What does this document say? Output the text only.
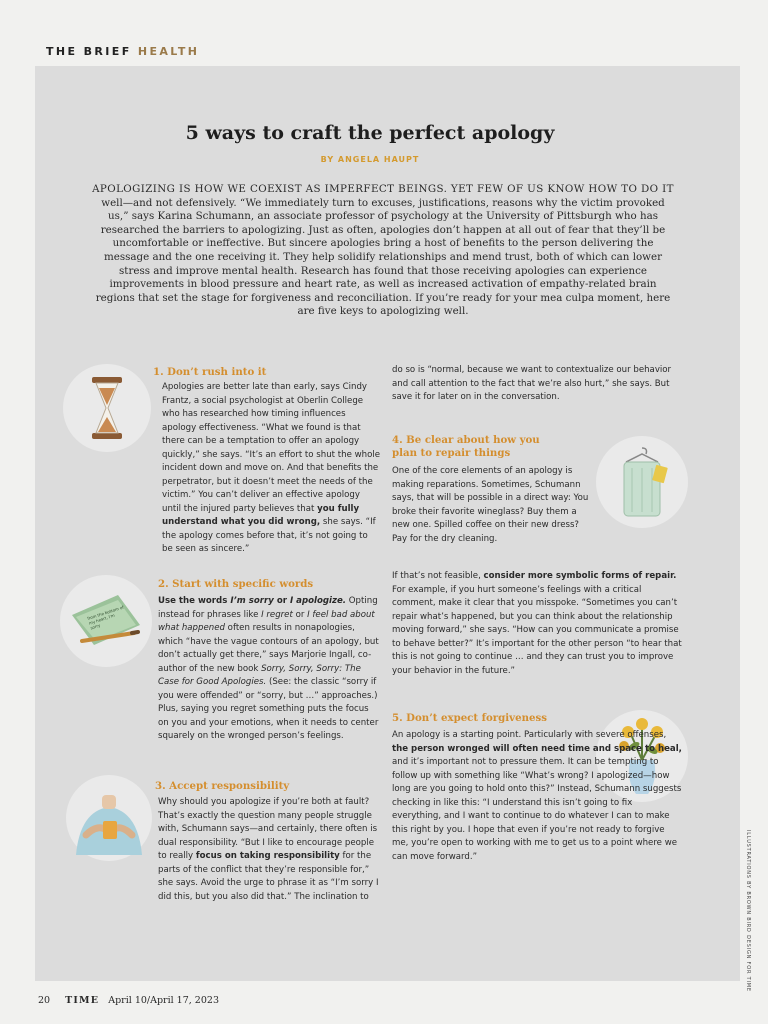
THE BRIEF HEALTH
5 ways to craft the perfect apology
BY ANGELA HAUPT

APOLOGIZING IS HOW WE COEXIST AS IMPERFECT BEINGS. YET FEW OF US KNOW HOW TO DO IT well—and not defensively. “We immediately turn to excuses, justifications, reasons why the victim provoked us,” says Karina Schumann, an associate professor of psychology at the University of Pittsburgh who has researched the barriers to apologizing. Just as often, apologies don’t happen at all out of fear that they’ll be uncomfortable or ineffective. But sincere apologies bring a host of benefits to the person delivering the message and the one receiving it. They help solidify relationships and mend trust, both of which can lower stress and improve mental health. Research has found that those receiving apologies can experience improvements in blood pressure and heart rate, as well as increased activation of empathy-related brain regions that set the stage for forgiveness and reconciliation. If you’re ready for your mea culpa moment, here are five keys to apologizing well.

from the bottom of my heart, I'm sorry
1. Don’t rush into it

Apologies are better late than early, says Cindy Frantz, a social psychologist at Oberlin College who has researched how timing influences apology effectiveness. “What we found is that there can be a temptation to offer an apology quickly,” she says. “It’s an effort to shut the whole incident down and move on. And that benefits the perpetrator, but it doesn’t meet the needs of the victim.” You can’t deliver an effective apology until the injured party believes that you fully understand what you did wrong, she says. “If the apology comes before that, it’s not going to be seen as sincere.”

2. Start with specific words

Use the words I’m sorry or I apologize. Opting instead for phrases like I regret or I feel bad about what happened often results in nonapologies, which “have the vague contours of an apology, but don’t actually get there,” says Marjorie Ingall, co-author of the new book Sorry, Sorry, Sorry: The Case for Good Apologies. (See: the classic “sorry if you were offended” or “sorry, but …” approaches.) Plus, saying you regret something puts the focus on you and your emotions, when it needs to center squarely on the wronged person’s feelings.

3. Accept responsibility

Why should you apologize if you’re both at fault? That’s exactly the question many people struggle with, Schumann says—and certainly, there often is dual responsibility. “But I like to encourage people to really focus on taking responsibility for the parts of the conflict that they’re responsible for,” she says. Avoid the urge to phrase it as “I’m sorry I did this, but you also did that.” The inclination to

do so is “normal, because we want to contextualize our behavior and call attention to the fact that we’re also hurt,” she says. But save it for later on in the conversation.

4. Be clear about how you plan to repair things

One of the core elements of an apology is making reparations. Sometimes, Schumann says, that will be possible in a direct way: You broke their favorite wineglass? Buy them a new one. Spilled coffee on their new dress? Pay for the dry cleaning.

If that’s not feasible, consider more symbolic forms of repair. For example, if you hurt someone’s feelings with a critical comment, make it clear that you misspoke. “Sometimes you can’t repair what’s happened, but you can think about the relationship moving forward,” she says. “How can you communicate a promise to behave better?” It’s important for the other person “to hear that this is not going to continue … and they can trust you to improve your behavior in the future.”

5. Don’t expect forgiveness

An apology is a starting point. Particularly with severe offenses, the person wronged will often need time and space to heal, and it’s important not to pressure them. It can be tempting to follow up with something like “What’s wrong? I apologized—how long are you going to hold onto this?” Instead, Schumann suggests checking in like this: “I understand this isn’t going to fix everything, and I want to continue to do whatever I can to make this right by you. I hope that even if you’re not ready to forgive me, you’re open to working with me to get us to a point where we can move forward.”	ILLUSTRATIONS BY BROWN BIRD DESIGN FOR TIME
20 TIME April 10/April 17, 2023
